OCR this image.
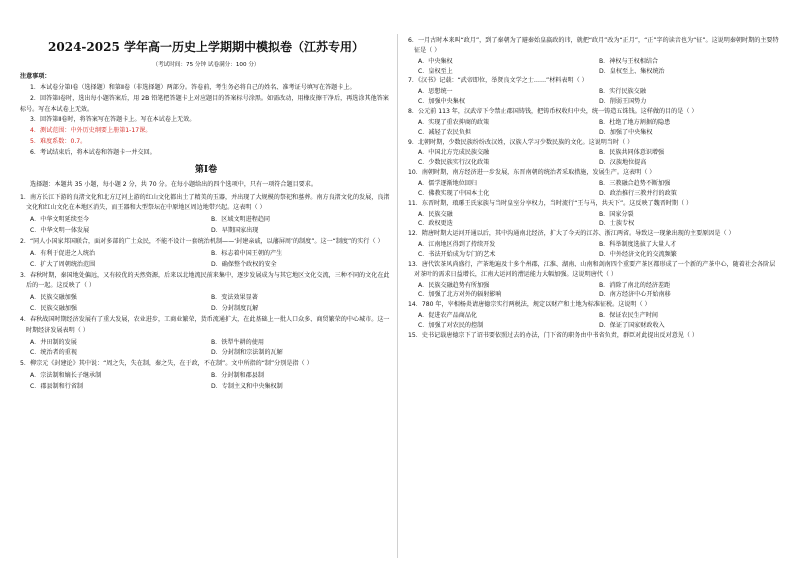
2024-2025 学年高一历史上学期期中模拟卷（江苏专用）
（考试时间：75 分钟 试卷满分：100 分）
注意事项：
1．本试卷分第Ⅰ卷（选择题）和第Ⅱ卷（非选择题）两部分。答卷前，考生务必将自己的姓名、准考证号填写在答题卡上。
2．回答第Ⅰ卷时，选出每小题答案后，用 2B 铅笔把答题卡上对应题目的答案标号涂黑。如需改动，用橡皮擦干净后，再选涂其他答案标号。写在本试卷上无效。
3．回答第Ⅱ卷时，将答案写在答题卡上。写在本试卷上无效。
4．测试范围：中外历史纲要上册第1-17课。
5．难度系数：0.7。
6．考试结束后，将本试卷和答题卡一并交回。
第Ⅰ卷
选择题：本题共 35 小题，每小题 2 分，共 70 分。在每小题给出的四个选项中，只有一项符合题目要求。
1．南方长江下游的良渚文化和北方辽河上游的红山文化都出土了精美的玉器，并出现了大规模的祭祀和墓葬。南方良渚文化的发展，良渚文化和红山文化在本地区消失，而王器和大型祭坛在中原地区周边地带兴起。这表明（ ）
A．中华文明延续至今	B．区域文明进程趋同
C．中华文明一体发展	D．早期国家出现
2．“同人小国家邦国联合，面对多部的广土众民，不能不设计一套统治机制——‘封建亲戚，以藩屏周’的制度”。这一“制度”的实行（ ）
A．有利于促进之人统治	B．标志着中国王朝的产生
C．扩大了周朝统治范围	D．确保整个政权的安全
3．春秋时期，秦国地处偏远，又有较优的天然资源，后来以北地流民前来集中，逐步发展成为与其它地区文化交流，三种不同的文化在此后的一起。这反映了（ ）
A．民族交融加强	B．变法效果显著
C．民族交融加强	D．分封制度瓦解
4．春秋战国时期经济发展有了重大发展，农业进步，工商业繁荣，货币流通扩大，在此基础上一批人口众多、商贸繁荣的中心城市。这一时期经济发展表明（ ）
A．井田制的发展	B．铁犁牛耕的使用
C．统治者的重视	D．分封制和宗法制的瓦解
5．柳宗元《封建论》其中说：“周之失，失在制，秦之失，在于政，不在制”。文中所指的“制”分别是指（ ）
A．宗法制和嫡长子继承制	B．分封制和郡县制
C．郡县制和行省制	D．专制主义和中央集权制
6．一月古时本来叫“政月”，到了秦朝为了避秦始皇嬴政的讳，就把“政月”改为“正月”，“正”字的读音也为“征”。这说明秦朝时期的主要特征是（ ）
A．中央集权	B．神权与王权相结合
C．皇权至上	D．皇权至上、集权统治
7．《汉书》记载：“武帝即位，举贤良文学之士……”材料表明（ ）
A．思想统一	B．实行民族交融
C．加强中央集权	D．削弱王国势力
8．公元前 113 年，汉武帝下令禁止郡国铸钱，把铸币权收归中央，统一铸造五铢钱。这样做的目的是（ ）
A．实现了重农抑商的政策	B．杜绝了地方割据的隐患
C．减轻了农民负担	D．加强了中央集权
9．北朝时期，少数民族纷纷改汉姓，汉族人学习少数民族的文化。这说明当时（ ）
A．中国北方完成民族交融	B．民族共同体意识增强
C．少数民族实行汉化政策	D．汉族地位提高
10．南朝时期，南方经济进一步发展，东晋南朝的统治者采取措施，发展生产。这表明（ ）
A．儒学逐渐地位回归	B．三教融合趋势不断加强
C．佛教实现了中国本土化	D．政治推行三教并行的政策
11．东晋时期，琅琊王氏家族与当时皇室分享权力，当时流行“王与马，共天下”。这反映了魏晋时期（ ）
A．民族交融	B．国家分裂
C．政权更迭	D．士族专权
12．隋唐时期大运河开通以后，其中沟通南北经济，扩大了今天的江苏、浙江两省。导致这一现象出现的主要原因是（ ）
A．江南地区得到了持续开发	B．科举制度选拔了大量人才
C．书法开始成为专门的艺术	D．中外经济文化的交流频繁
13．唐代饮茶风尚盛行，产茶地遍及十多个州郡，江淮、湖南、山南和剑南四个重要产茶区都形成了一个新的产茶中心，随着社会各阶层对茶叶的需求日益增长，江南大运河的漕运能力大幅加强。这说明唐代（ ）
A．民族交融趋势有所加强	B．消除了南北的经济差距
C．加强了北方对外的辐射影响	D．南方经济中心开始南移
14．780 年，宰相杨炎请唐德宗实行两税法，规定以财产和土地为标准征税。这说明（ ）
A．促进农产品商品化	B．保证农民生产时间
C．加强了对农民的控制	D．保证了国家财政收入
15．史书记载唐德宗下了诏书要依照过去的办法，门下省的职务由中书省负责，群臣对此提出反对意见（ ）
